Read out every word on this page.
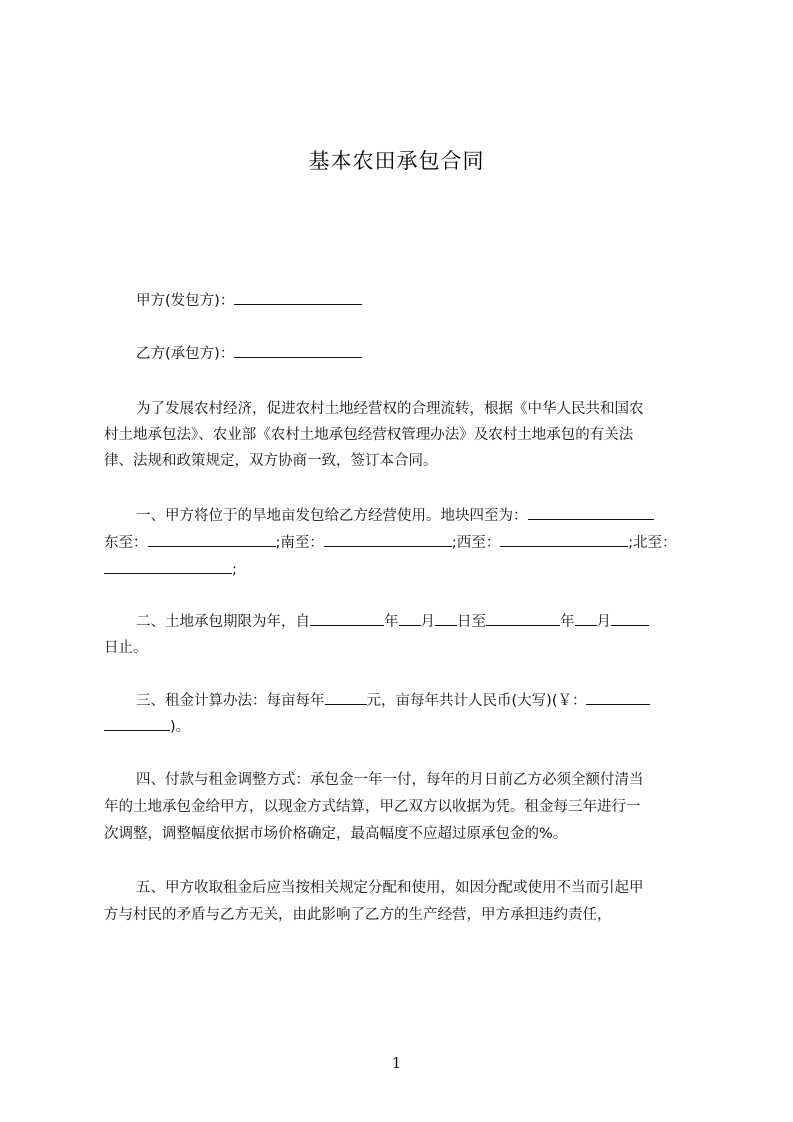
基本农田承包合同
甲方(发包方)：
乙方(承包方)：
为了发展农村经济，促进农村土地经营权的合理流转，根据《中华人民共和国农
村土地承包法》、农业部《农村土地承包经营权管理办法》及农村土地承包的有关法
律、法规和政策规定，双方协商一致，签订本合同。
一、甲方将位于的旱地亩发包给乙方经营使用。地块四至为：
东至：	;南至：	;西至：	;北至：
;
二、土地承包期限为年，自	年 月 日至	年 月
日止。
三、租金计算办法：每亩每年	元，亩每年共计人民币(大写)(￥：
)。
四、付款与租金调整方式：承包金一年一付，每年的月日前乙方必须全额付清当
年的土地承包金给甲方，以现金方式结算，甲乙双方以收据为凭。租金每三年进行一
次调整，调整幅度依据市场价格确定，最高幅度不应超过原承包金的%。
五、甲方收取租金后应当按相关规定分配和使用，如因分配或使用不当而引起甲
方与村民的矛盾与乙方无关，由此影响了乙方的生产经营，甲方承担违约责任，
1
